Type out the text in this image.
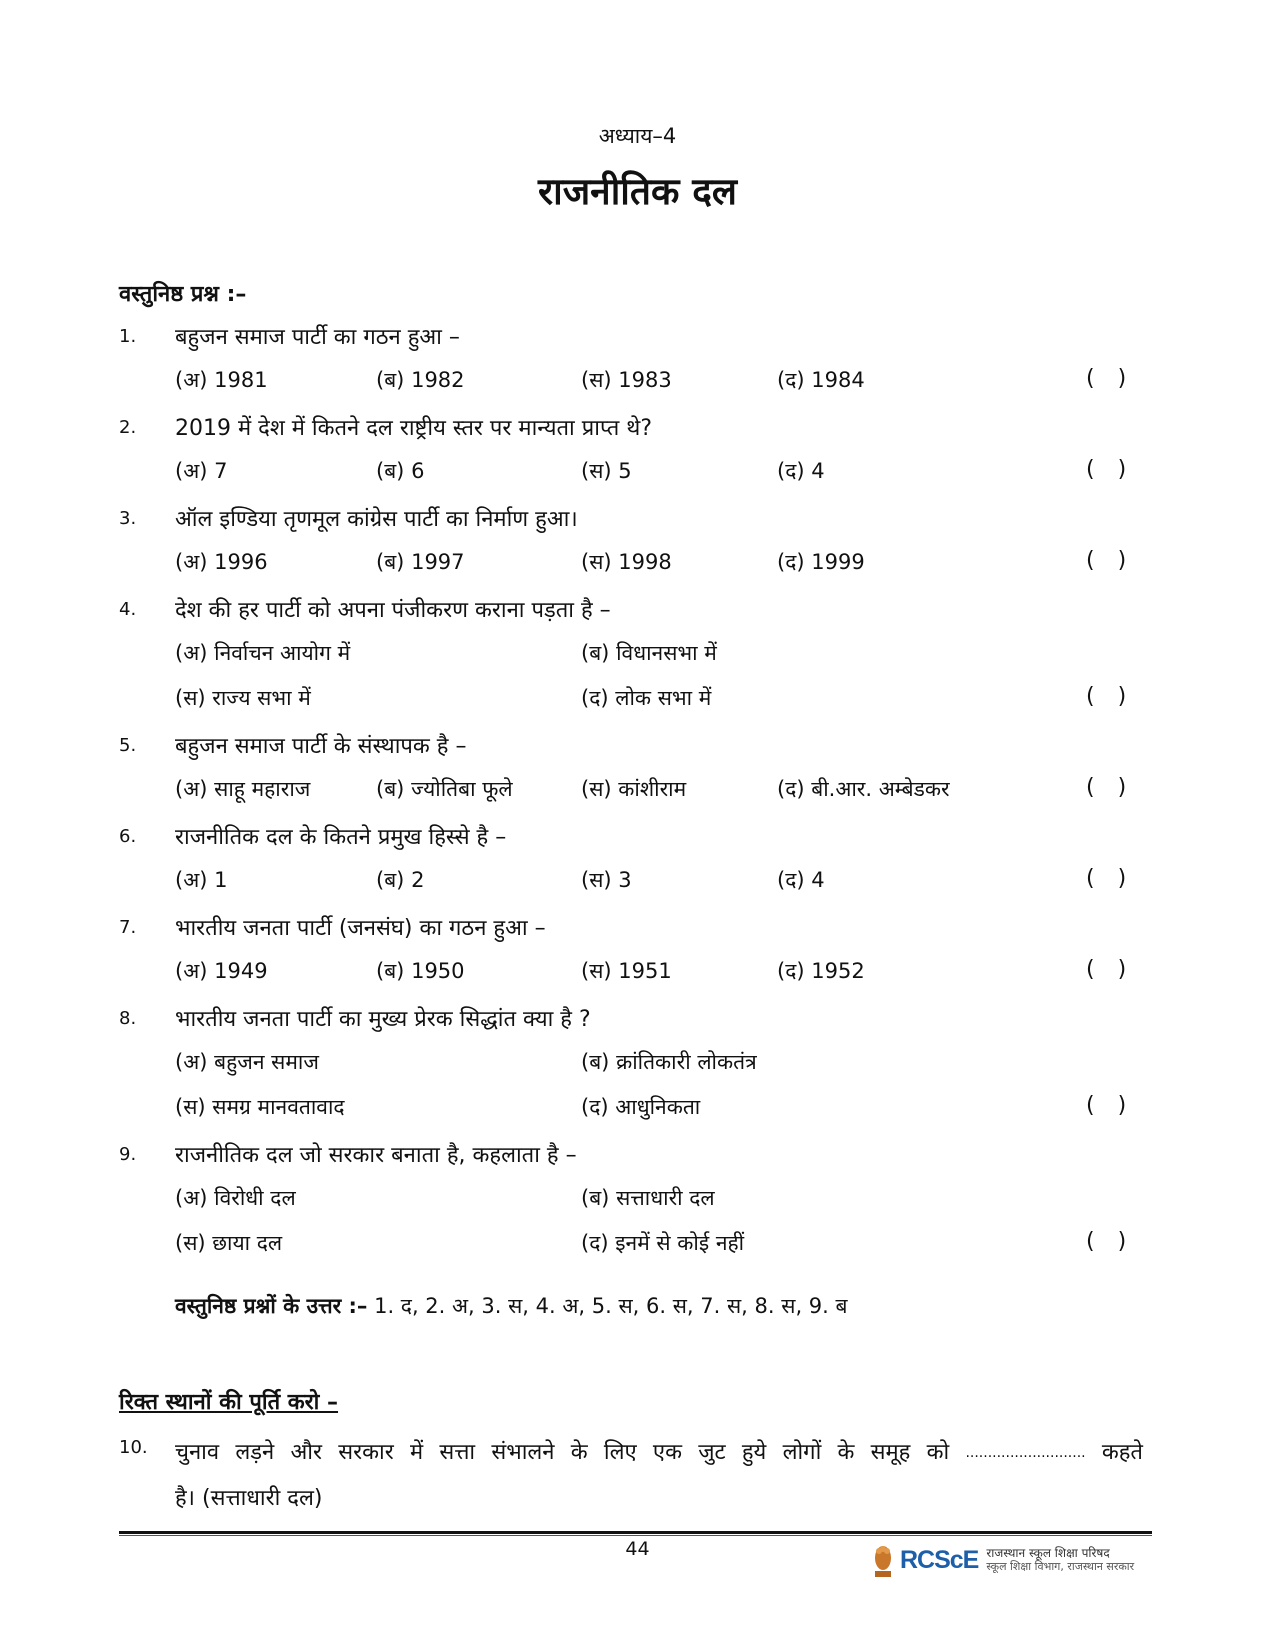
अध्याय–4
राजनीतिक दल
वस्तुनिष्ठ प्रश्न :–
1. बहुजन समाज पार्टी का गठन हुआ –
(अ) 1981	(ब) 1982	(स) 1983	(द) 1984	( )
2. 2019 में देश में कितने दल राष्ट्रीय स्तर पर मान्यता प्राप्त थे?
(अ) 7	(ब) 6	(स) 5	(द) 4	( )
3. ऑल इण्डिया तृणमूल कांग्रेस पार्टी का निर्माण हुआ।
(अ) 1996	(ब) 1997	(स) 1998	(द) 1999	( )
4. देश की हर पार्टी को अपना पंजीकरण कराना पड़ता है –
(अ) निर्वाचन आयोग में	(ब) विधानसभा में
(स) राज्य सभा में	(द) लोक सभा में	( )
5. बहुजन समाज पार्टी के संस्थापक है –
(अ) साहू महाराज	(ब) ज्योतिबा फूले	(स) कांशीराम	(द) बी.आर. अम्बेडकर	( )
6. राजनीतिक दल के कितने प्रमुख हिस्से है –
(अ) 1	(ब) 2	(स) 3	(द) 4	( )
7. भारतीय जनता पार्टी (जनसंघ) का गठन हुआ –
(अ) 1949	(ब) 1950	(स) 1951	(द) 1952	( )
8. भारतीय जनता पार्टी का मुख्य प्रेरक सिद्धांत क्या है ?
(अ) बहुजन समाज	(ब) क्रांतिकारी लोकतंत्र
(स) समग्र मानवतावाद	(द) आधुनिकता	( )
9. राजनीतिक दल जो सरकार बनाता है, कहलाता है –
(अ) विरोधी दल	(ब) सत्ताधारी दल
(स) छाया दल	(द) इनमें से कोई नहीं	( )
वस्तुनिष्ठ प्रश्नों के उत्तर :– 1. द, 2. अ, 3. स, 4. अ, 5. स, 6. स, 7. स, 8. स, 9. ब
रिक्त स्थानों की पूर्ति करो –
10. चुनाव लड़ने और सरकार में सत्ता संभालने के लिए एक जुट हुये लोगों के समूह को ........................... कहते
है। (सत्ताधारी दल)
44	RCScE राजस्थान स्कूल शिक्षा परिषद
स्कूल शिक्षा विभाग, राजस्थान सरकार
